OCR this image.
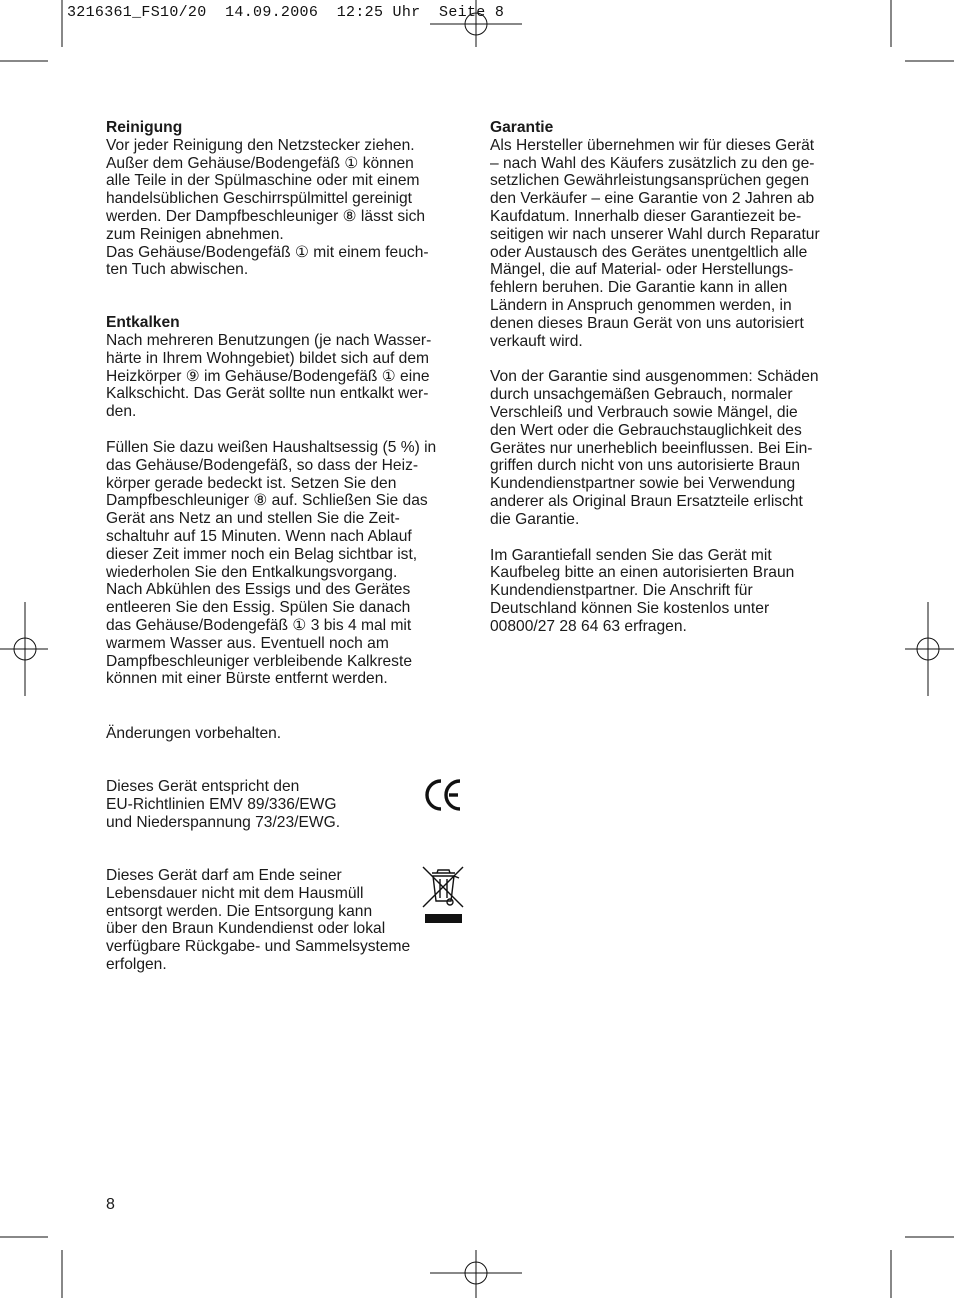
3216361_FS10/20  14.09.2006  12:25 Uhr  Seite 8
Reinigung

Vor jeder Reinigung den Netzstecker ziehen.
Außer dem Gehäuse/Bodengefäß ① können
alle Teile in der Spülmaschine oder mit einem
handelsüblichen Geschirrspülmittel gereinigt
werden. Der Dampfbeschleuniger ⑧ lässt sich
zum Reinigen abnehmen.
Das Gehäuse/Bodengefäß ① mit einem feuch-
ten Tuch abwischen.

Entkalken

Nach mehreren Benutzungen (je nach Wasser-
härte in Ihrem Wohngebiet) bildet sich auf dem
Heizkörper ⑨ im Gehäuse/Bodengefäß ① eine
Kalkschicht. Das Gerät sollte nun entkalkt wer-
den.

Füllen Sie dazu weißen Haushaltsessig (5 %) in
das Gehäuse/Bodengefäß, so dass der Heiz-
körper gerade bedeckt ist. Setzen Sie den
Dampfbeschleuniger ⑧ auf. Schließen Sie das
Gerät ans Netz an und stellen Sie die Zeit-
schaltuhr auf 15 Minuten. Wenn nach Ablauf
dieser Zeit immer noch ein Belag sichtbar ist,
wiederholen Sie den Entkalkungsvorgang.
Nach Abkühlen des Essigs und des Gerätes
entleeren Sie den Essig. Spülen Sie danach
das Gehäuse/Bodengefäß ① 3 bis 4 mal mit
warmem Wasser aus. Eventuell noch am
Dampfbeschleuniger verbleibende Kalkreste
können mit einer Bürste entfernt werden.

Änderungen vorbehalten.
Dieses Gerät entspricht den
EU-Richtlinien EMV 89/336/EWG
und Niederspannung 73/23/EWG.
Dieses Gerät darf am Ende seiner
Lebensdauer nicht mit dem Hausmüll
entsorgt werden. Die Entsorgung kann
über den Braun Kundendienst oder lokal
verfügbare Rückgabe- und Sammelsysteme
erfolgen.
Garantie

Als Hersteller übernehmen wir für dieses Gerät
– nach Wahl des Käufers zusätzlich zu den ge-
setzlichen Gewährleistungsansprüchen gegen
den Verkäufer – eine Garantie von 2 Jahren ab
Kaufdatum. Innerhalb dieser Garantiezeit be-
seitigen wir nach unserer Wahl durch Reparatur
oder Austausch des Gerätes unentgeltlich alle
Mängel, die auf Material- oder Herstellungs-
fehlern beruhen. Die Garantie kann in allen
Ländern in Anspruch genommen werden, in
denen dieses Braun Gerät von uns autorisiert
verkauft wird.

Von der Garantie sind ausgenommen: Schäden
durch unsachgemäßen Gebrauch, normaler
Verschleiß und Verbrauch sowie Mängel, die
den Wert oder die Gebrauchstauglichkeit des
Gerätes nur unerheblich beeinflussen. Bei Ein-
griffen durch nicht von uns autorisierte Braun
Kundendienstpartner sowie bei Verwendung
anderer als Original Braun Ersatzteile erlischt
die Garantie.

Im Garantiefall senden Sie das Gerät mit
Kaufbeleg bitte an einen autorisierten Braun
Kundendienstpartner. Die Anschrift für
Deutschland können Sie kostenlos unter
00800/27 28 64 63 erfragen.

8
